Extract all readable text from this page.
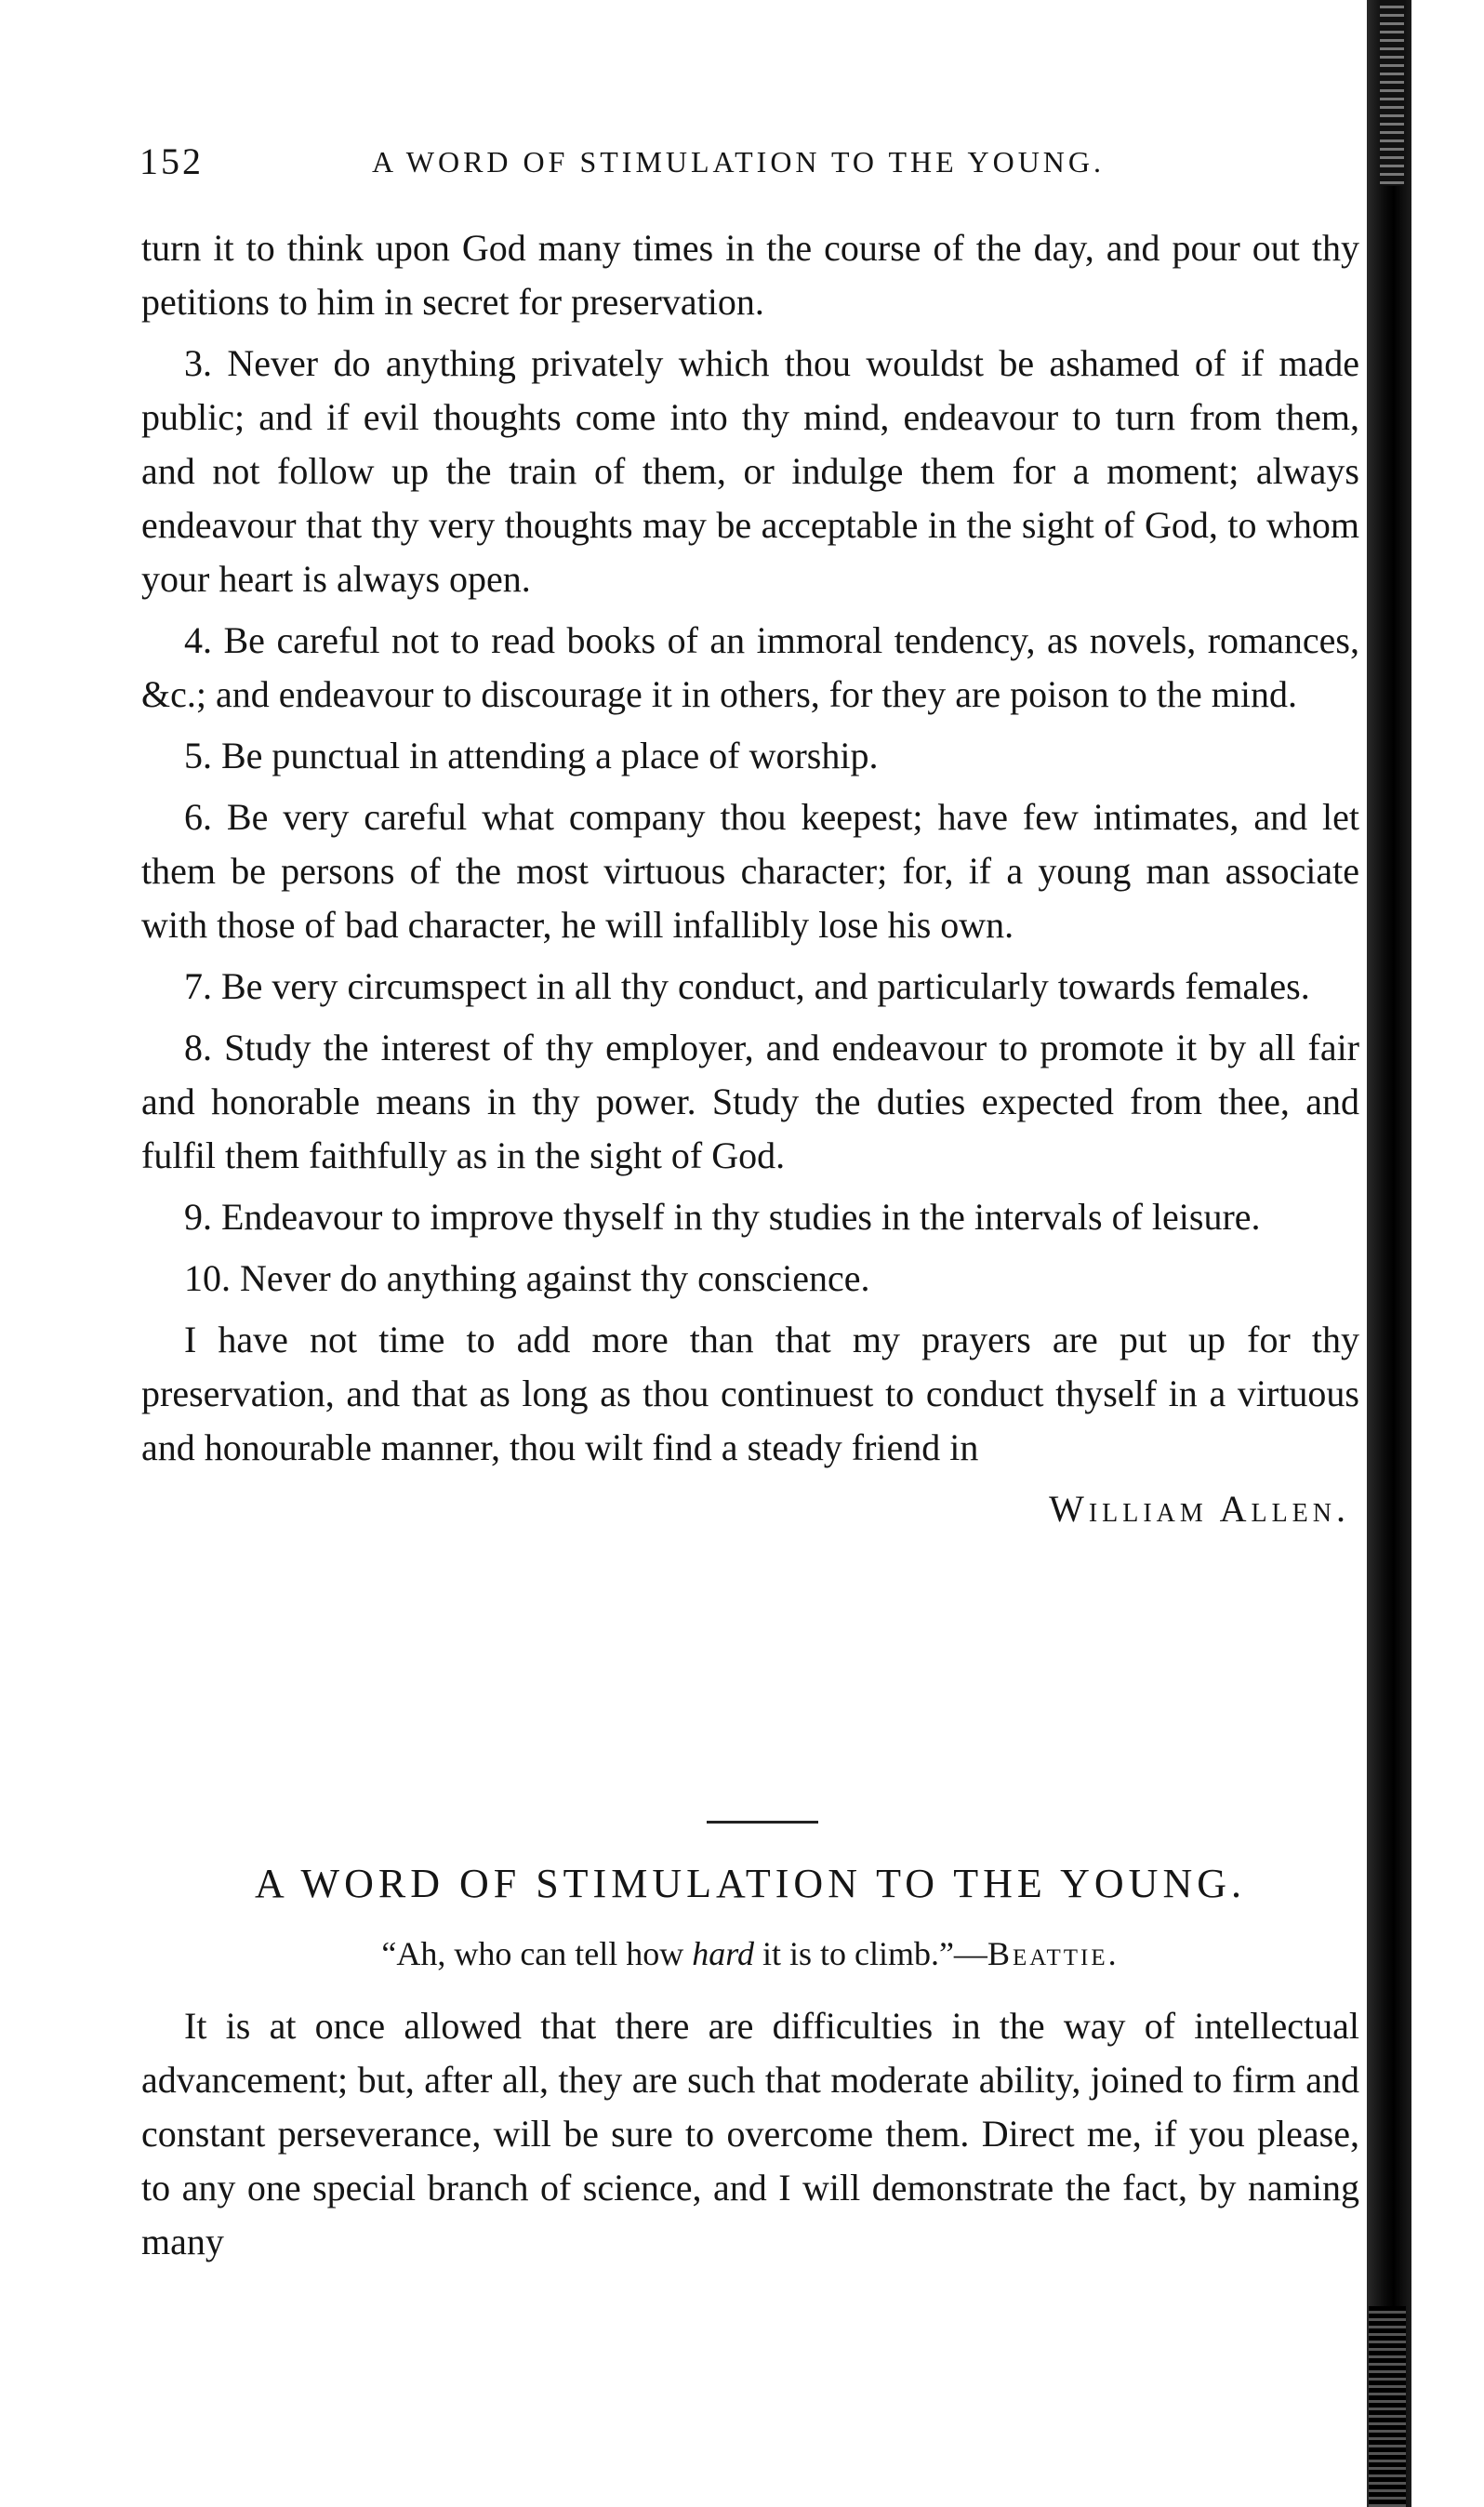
152	A WORD OF STIMULATION TO THE YOUNG.

turn it to think upon God many times in the course of the day, and pour out thy petitions to him in secret for preservation.

3. Never do anything privately which thou wouldst be ashamed of if made public; and if evil thoughts come into thy mind, endeavour to turn from them, and not follow up the train of them, or indulge them for a moment; always endeavour that thy very thoughts may be acceptable in the sight of God, to whom your heart is always open.

4. Be careful not to read books of an immoral tendency, as novels, romances, &c.; and endeavour to discourage it in others, for they are poison to the mind.

5. Be punctual in attending a place of worship.

6. Be very careful what company thou keepest; have few intimates, and let them be persons of the most virtuous character; for, if a young man associate with those of bad character, he will infallibly lose his own.

7. Be very circumspect in all thy conduct, and particularly towards females.

8. Study the interest of thy employer, and endeavour to promote it by all fair and honorable means in thy power. Study the duties expected from thee, and fulfil them faithfully as in the sight of God.

9. Endeavour to improve thyself in thy studies in the intervals of leisure.

10. Never do anything against thy conscience.

I have not time to add more than that my prayers are put up for thy preservation, and that as long as thou continuest to conduct thyself in a virtuous and honourable manner, thou wilt find a steady friend in

William Allen.
A WORD OF STIMULATION TO THE YOUNG.
“Ah, who can tell how hard it is to climb.”—Beattie.

It is at once allowed that there are difficulties in the way of intellectual advancement; but, after all, they are such that moderate ability, joined to firm and constant perseverance, will be sure to overcome them. Direct me, if you please, to any one special branch of science, and I will demonstrate the fact, by naming many
